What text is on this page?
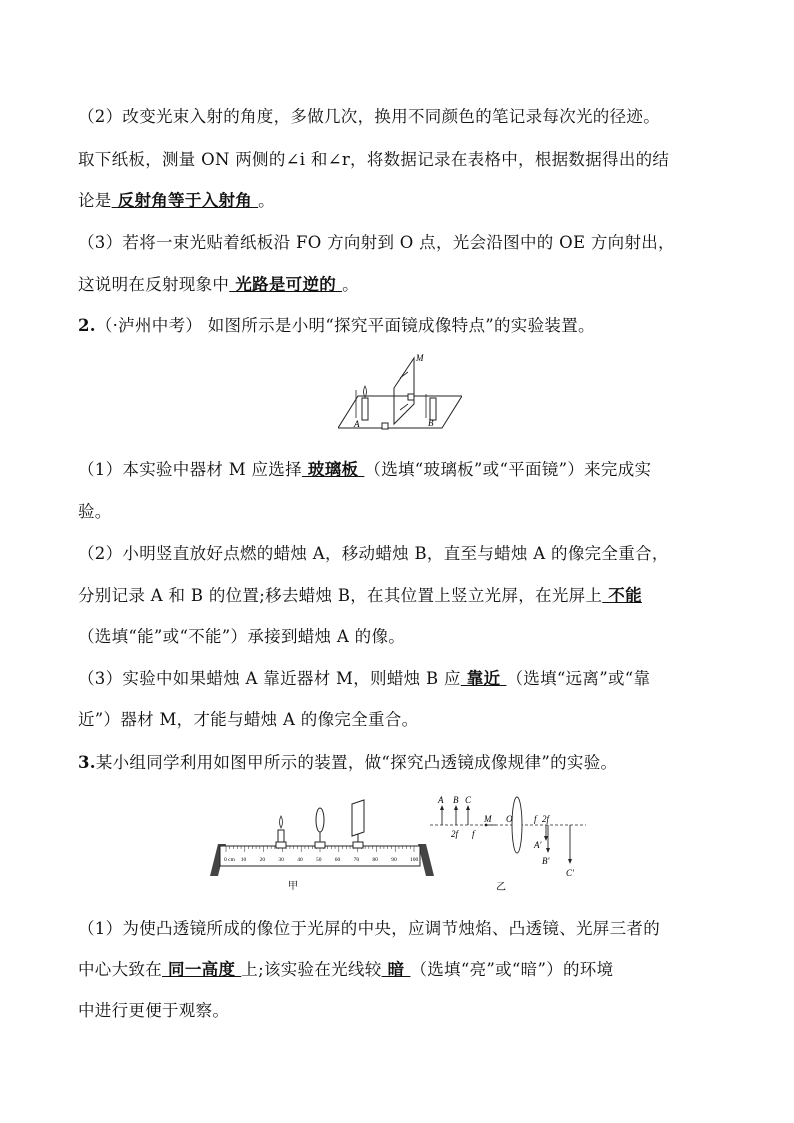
（2）改变光束入射的角度，多做几次，换用不同颜色的笔记录每次光的径迹。
取下纸板，测量 ON 两侧的∠i 和∠r，将数据记录在表格中，根据数据得出的结
论是 反射角等于入射角 。
（3）若将一束光贴着纸板沿 FO 方向射到 O 点，光会沿图中的 OE 方向射出，
这说明在反射现象中 光路是可逆的 。
2.（·泸州中考） 如图所示是小明“探究平面镜成像特点”的实验装置。
M
A	B
（1）本实验中器材 M 应选择 玻璃板 （选填“玻璃板”或“平面镜”）来完成实
验。
（2）小明竖直放好点燃的蜡烛 A，移动蜡烛 B，直至与蜡烛 A 的像完全重合，
分别记录 A 和 B 的位置;移去蜡烛 B，在其位置上竖立光屏，在光屏上 不能
（选填“能”或“不能”）承接到蜡烛 A 的像。
（3）实验中如果蜡烛 A 靠近器材 M，则蜡烛 B 应 靠近 （选填“远离”或“靠
近”）器材 M，才能与蜡烛 A 的像完全重合。
3.某小组同学利用如图甲所示的装置，做“探究凸透镜成像规律”的实验。
0 cm 10 20 30 40 50 60 70 80 90 100
甲
A B C
2f f
M O f 2f
A'
B'
C'
乙
（1）为使凸透镜所成的像位于光屏的中央，应调节烛焰、凸透镜、光屏三者的
中心大致在 同一高度 上;该实验在光线较 暗 （选填“亮”或“暗”）的环境
中进行更便于观察。
